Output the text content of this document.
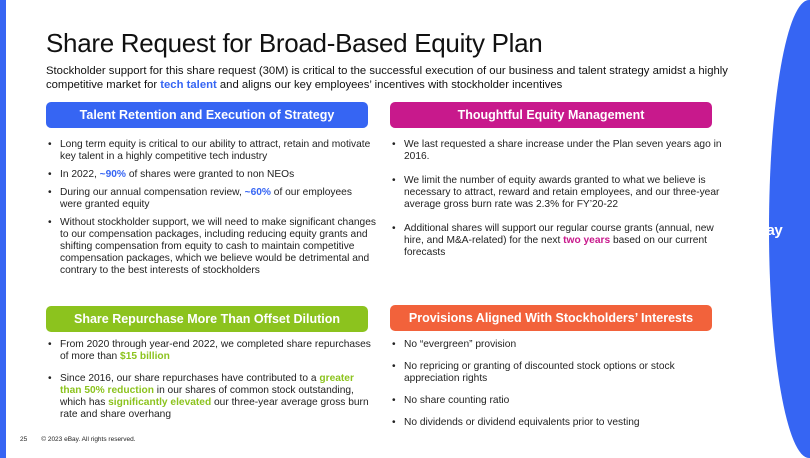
ebay
Share Request for Broad-Based Equity Plan
Stockholder support for this share request (30M) is critical to the successful execution of our business and talent strategy amidst a highly competitive market for tech talent and aligns our key employees’ incentives with stockholder incentives
Talent Retention and Execution of Strategy
• Long term equity is critical to our ability to attract, retain and motivate key talent in a highly competitive tech industry
• In 2022, ~90% of shares were granted to non NEOs
• During our annual compensation review, ~60% of our employees were granted equity
• Without stockholder support, we will need to make significant changes to our compensation packages, including reducing equity grants and shifting compensation from equity to cash to maintain competitive compensation packages, which we believe would be detrimental and contrary to the best interests of stockholders
Thoughtful Equity Management
• We last requested a share increase under the Plan seven years ago in 2016.
• We limit the number of equity awards granted to what we believe is necessary to attract, reward and retain employees, and our three-year average gross burn rate was 2.3% for FY’20-22
• Additional shares will support our regular course grants (annual, new hire, and M&A-related) for the next two years based on our current forecasts
Share Repurchase More Than Offset Dilution
• From 2020 through year-end 2022, we completed share repurchases of more than $15 billion
• Since 2016, our share repurchases have contributed to a greater than 50% reduction in our shares of common stock outstanding, which has significantly elevated our three-year average gross burn rate and share overhang
Provisions Aligned With Stockholders’ Interests
• No “evergreen” provision
• No repricing or granting of discounted stock options or stock appreciation rights
• No share counting ratio
• No dividends or dividend equivalents prior to vesting
25 © 2023 eBay. All rights reserved.
